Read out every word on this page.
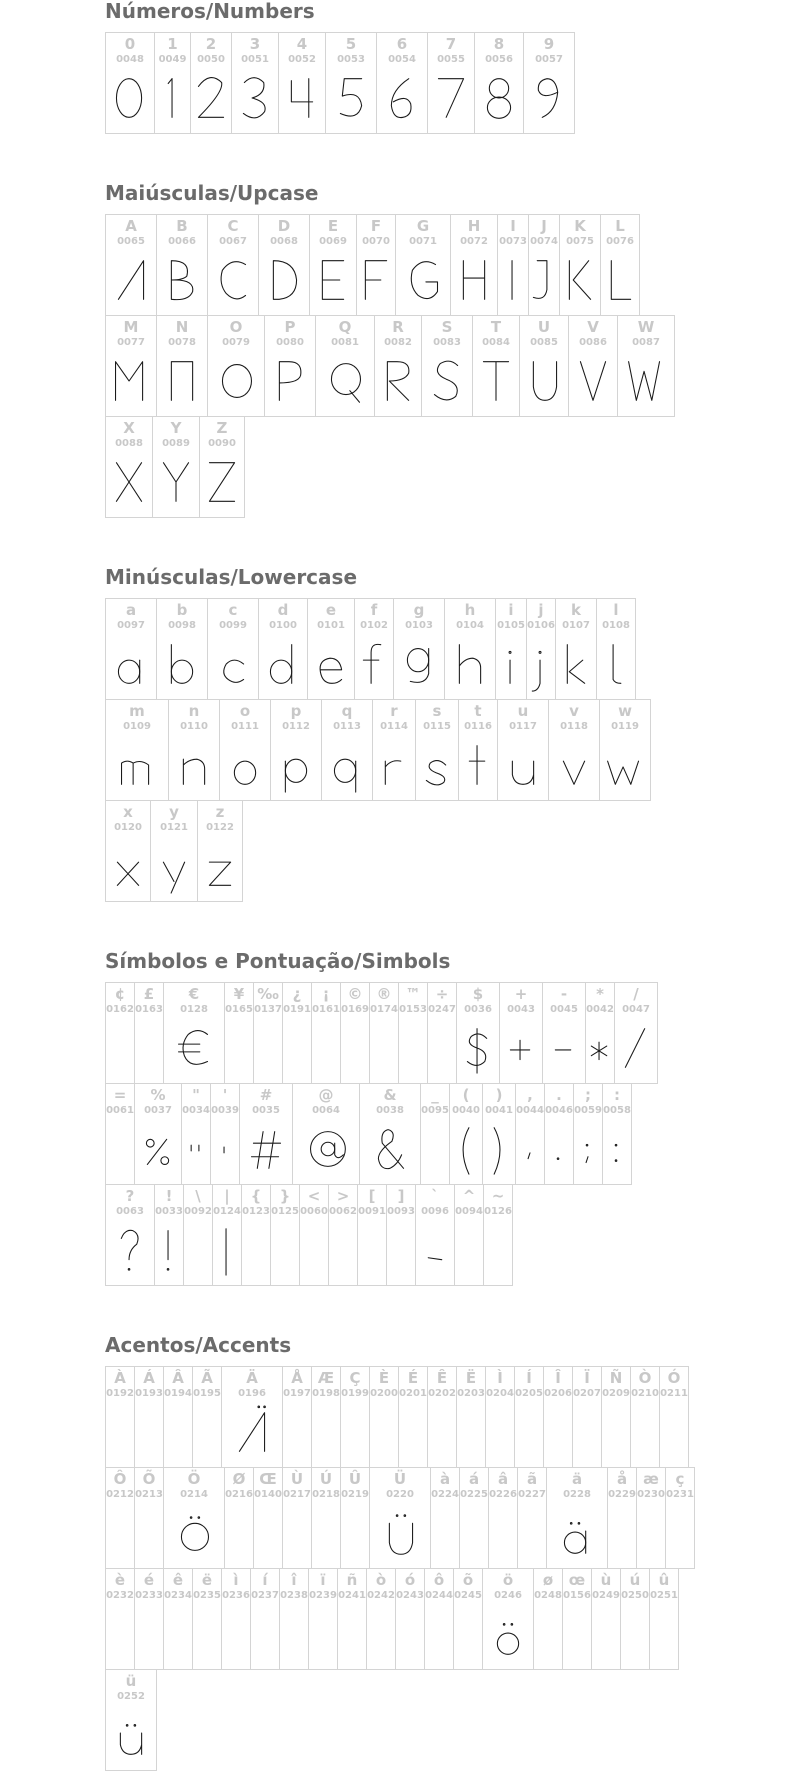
Números/Numbers
0
0048
1
0049
2
0050
3
0051
4
0052
5
0053
6
0054
7
0055
8
0056
9
0057
Maiúsculas/Upcase
A
0065
B
0066
C
0067
D
0068
E
0069
F
0070
G
0071
H
0072
I
0073
J
0074
K
0075
L
0076
M
0077
N
0078
O
0079
P
0080
Q
0081
R
0082
S
0083
T
0084
U
0085
V
0086
W
0087
X
0088
Y
0089
Z
0090
Minúsculas/Lowercase
a
0097
b
0098
c
0099
d
0100
e
0101
f
0102
g
0103
h
0104
i
0105
j
0106
k
0107
l
0108
m
0109
n
0110
o
0111
p
0112
q
0113
r
0114
s
0115
t
0116
u
0117
v
0118
w
0119
x
0120
y
0121
z
0122
Símbolos e Pontuação/Simbols
¢
0162
£
0163
€
0128
¥
0165
‰
0137
¿
0191
¡
0161
©
0169
®
0174
™
0153
÷
0247
$
0036
+
0043
-
0045
*
0042
/
0047
=
0061
%
0037
"
0034
'
0039
#
0035
@
0064
&
0038
_
0095
(
0040
)
0041
,
0044
.
0046
;
0059
:
0058
?
0063
!
0033
\
0092
|
0124
{
0123
}
0125
<
0060
>
0062
[
0091
]
0093
`
0096
^
0094
~
0126
Acentos/Accents
À
0192
Á
0193
Â
0194
Ã
0195
Ä
0196
Å
0197
Æ
0198
Ç
0199
È
0200
É
0201
Ê
0202
Ë
0203
Ì
0204
Í
0205
Î
0206
Ï
0207
Ñ
0209
Ò
0210
Ó
0211
Ô
0212
Õ
0213
Ö
0214
Ø
0216
Œ
0140
Ù
0217
Ú
0218
Û
0219
Ü
0220
à
0224
á
0225
â
0226
ã
0227
ä
0228
å
0229
æ
0230
ç
0231
è
0232
é
0233
ê
0234
ë
0235
ì
0236
í
0237
î
0238
ï
0239
ñ
0241
ò
0242
ó
0243
ô
0244
õ
0245
ö
0246
ø
0248
œ
0156
ù
0249
ú
0250
û
0251
ü
0252
